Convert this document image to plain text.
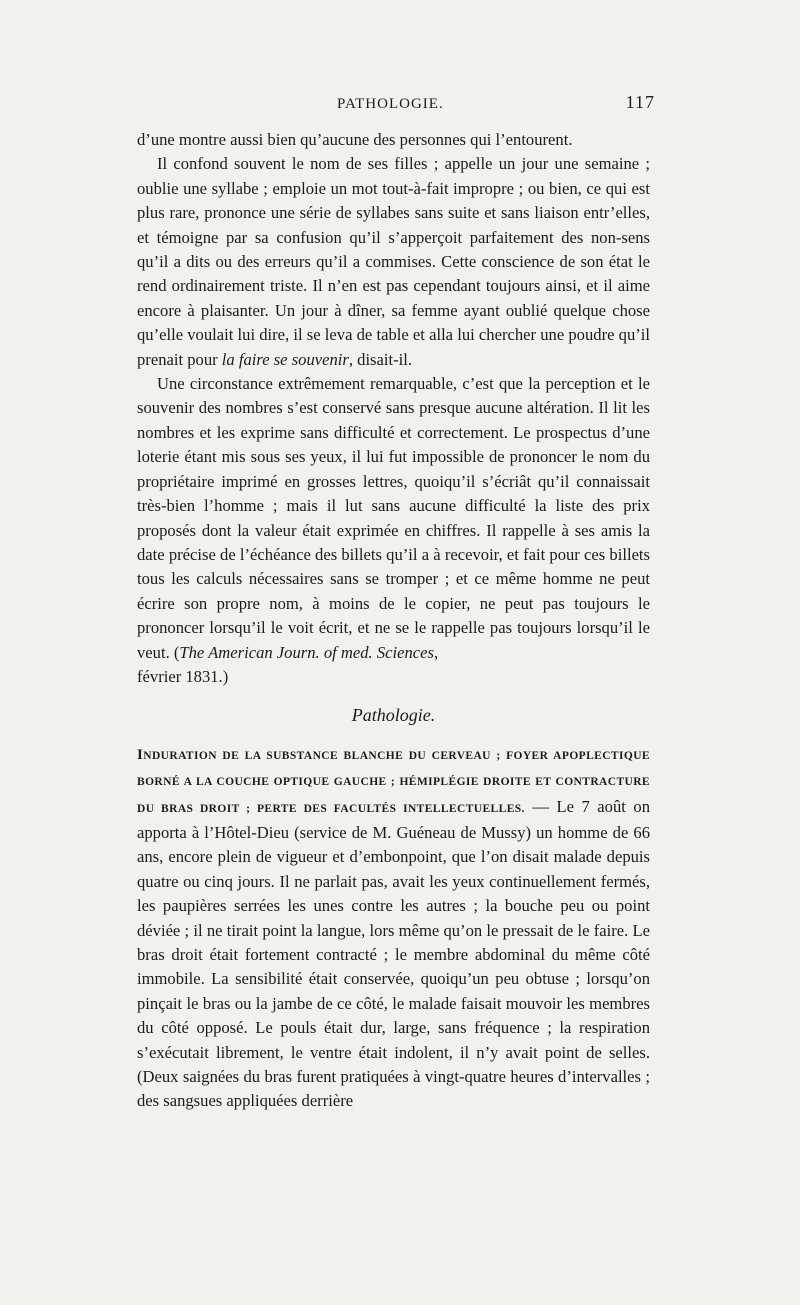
PATHOLOGIE.	117

d’une montre aussi bien qu’aucune des personnes qui l’entourent.

Il confond souvent le nom de ses filles ; appelle un jour une semaine ; oublie une syllabe ; emploie un mot tout-à-fait impropre ; ou bien, ce qui est plus rare, prononce une série de syllabes sans suite et sans liaison entr’elles, et témoigne par sa confusion qu’il s’apperçoit parfaitement des non-sens qu’il a dits ou des erreurs qu’il a commises. Cette conscience de son état le rend ordinairement triste. Il n’en est pas cependant toujours ainsi, et il aime encore à plaisanter. Un jour à dîner, sa femme ayant oublié quelque chose qu’elle voulait lui dire, il se leva de table et alla lui chercher une poudre qu’il prenait pour la faire se souvenir, disait-il.

Une circonstance extrêmement remarquable, c’est que la perception et le souvenir des nombres s’est conservé sans presque aucune altération. Il lit les nombres et les exprime sans difficulté et correctement. Le prospectus d’une loterie étant mis sous ses yeux, il lui fut impossible de prononcer le nom du propriétaire imprimé en grosses lettres, quoiqu’il s’écriât qu’il connaissait très-bien l’homme ; mais il lut sans aucune difficulté la liste des prix proposés dont la valeur était exprimée en chiffres. Il rappelle à ses amis la date précise de l’échéance des billets qu’il a à recevoir, et fait pour ces billets tous les calculs nécessaires sans se tromper ; et ce même homme ne peut écrire son propre nom, à moins de le copier, ne peut pas toujours le prononcer lorsqu’il le voit écrit, et ne se le rappelle pas toujours lorsqu’il le veut. (The American Journ. of med. Sciences,

février 1831.)

Pathologie.

INDURATION DE LA SUBSTANCE BLANCHE DU CERVEAU ; FOYER APOPLECTIQUE BORNÉ A LA COUCHE OPTIQUE GAUCHE ; HÉMIPLÉGIE DROITE ET CONTRACTURE DU BRAS DROIT ; PERTE DES FACULTÉS INTELLECTUELLES. — Le 7 août on apporta à l’Hôtel-Dieu (service de M. Guéneau de Mussy) un homme de 66 ans, encore plein de vigueur et d’embonpoint, que l’on disait malade depuis quatre ou cinq jours. Il ne parlait pas, avait les yeux continuellement fermés, les paupières serrées les unes contre les autres ; la bouche peu ou point déviée ; il ne tirait point la langue, lors même qu’on le pressait de le faire. Le bras droit était fortement contracté ; le membre abdominal du même côté immobile. La sensibilité était conservée, quoiqu’un peu obtuse ; lorsqu’on pinçait le bras ou la jambe de ce côté, le malade faisait mouvoir les membres du côté opposé. Le pouls était dur, large, sans fréquence ; la respiration s’exécutait librement, le ventre était indolent, il n’y avait point de selles. (Deux saignées du bras furent pratiquées à vingt-quatre heures d’intervalles ; des sangsues appliquées derrière
